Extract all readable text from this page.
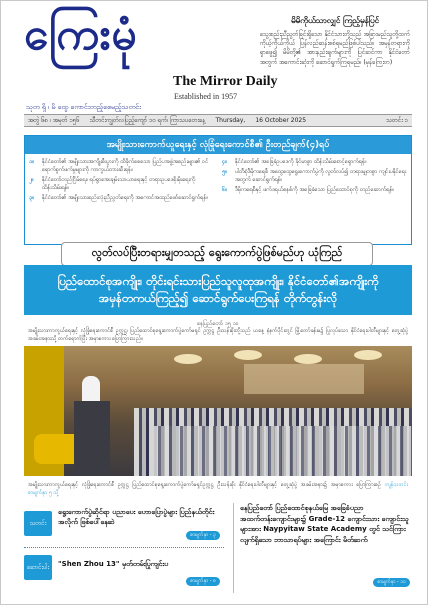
ကြေးမုံ
သုတ ရှိ ၊ မိ ထွေ ကောင်းတည့်စေမည့်သတင်း
The Mirror Daily
Established in 1957
မိမိကိုယ်သာလျှင် ကြည့်မှန်ပြင်
သွေးစည်းညီညွတ်ခြင်းရှိသော နိုင်ငံသားတို့သည် အခြားမည်သူတို့ထက် ကိုယ့်ကိုယ်ကိုယ် ပြန်လည်ဆန်းစစ်ရမည်ဖြစ်ပါသည်။ အမှန်တရားကို ရှာဖွေ၍ မိမိတို့၏ အားနည်းချက်များကို ပြင်ဆင်ကာ နိုင်ငံတော်အတွက် အကောင်းဆုံးကို ဆောင်ရွက်ကြရမည်။ (မှန်ကြေးတ)
အတွဲ ၆၈ ၊ အမှတ် ၁၅၆ သီတင်းကျွတ်လပြည့်ကျော် ၁၀ ရက်၊ ကြာသပတေးနေ့ Thursday, 16 October 2025	သတင်း ၁
အမျိုးသားကောက်ယူရေးနှင့် လုံခြုံရေးကောင်စီ၏ ဦးတည်ချက်(၄)ရပ်
၁။	နိုင်ငံတော်၏ အမျိုးသားအကျိုးစီးပွားကို ထိခိုက်စေသော ပြည်ပအဖွဲ့အစည်းများ၏ ဝင်ရောက်စွက်ဖက်မှုများကို ကာကွယ်တားဆီးရန်။
၂။	နိုင်ငံတော်တည်ငြိမ်ရေး၊ ရပ်ရွာအေးချမ်းသာယာရေးနှင့် တရားဥပဒေစိုးမိုးရေးကို ထိန်းသိမ်းရန်။
၃။	နိုင်ငံတော်၏ အမျိုးသားစည်းလုံးညီညွတ်ရေးကို အကောင်အထည်ဖော်ဆောင်ရွက်ရန်။
၄။	နိုင်ငံတော်၏ အခြေခံဥပဒေကို ခိုင်မာစွာ ထိန်းသိမ်းစောင့်ရှောက်ရန်။
၅။	ပါတီစုံဒီမိုကရေစီ အထွေထွေရွေးကောက်ပွဲကို လွတ်လပ်၍ တရားမျှတစွာ ကျင်းပနိုင်ရေးအတွက် ဆောင်ရွက်ရန်။
၆။	ဒီမိုကရေစီနှင့် ဖက်ဒရယ်စနစ်ကို အခြေခံသော ပြည်ထောင်စုကို တည်ဆောက်ရန်။
လွတ်လပ်ပြီးတရားမျှတသည့် ရွေးကောက်ပွဲဖြစ်မည်ဟု ယုံကြည်
ပြည်ထောင်စုအကျိုး၊ တိုင်းရင်းသားပြည်သူလူထုအကျိုး၊ နိုင်ငံတော်၏အကျိုးကို
အမှန်တကယ်ကြည့်၍ ဆောင်ရွက်ပေးကြရန် တိုက်တွန်းလို
နေပြည်တော် ၁၅ ၁၀
အမျိုးသားကာကွယ်ရေးနှင့် လုံခြုံရေးကောင်စီ ဥက္ကဋ္ဌ၊ ပြည်ထောင်စုရွေးကောက်ပွဲကော်မရှင် ဥက္ကဋ္ဌ ဦးသန်းစိုးတို့သည် ယနေ့ နံနက်ပိုင်းတွင် မြို့တော်ခန်းမ၌ ပြုလုပ်သော နိုင်ငံရေးပါတီများနှင့် တွေ့ဆုံပွဲ အခမ်းအနားသို့ တက်ရောက်ပြီး အမှာစကား ပြောကြားသည်။
အမျိုးသားကာကွယ်ရေးနှင့် လုံခြုံရေးကောင်စီ ဥက္ကဋ္ဌ ပြည်ထောင်စုရွေးကောက်ပွဲကော်မရှင်ဥက္ကဋ္ဌ ဦးသန်းစိုး နိုင်ငံရေးပါတီများနှင့် တွေ့ဆုံပွဲ အခမ်းအနား၌ အမှာစကား ပြောကြားစဉ် ကျန်သတင်း စာမျက်နှာ ၅ သို့
သတင်း
ရွေးကောက်ပွဲဆိုင်ရာ ပညာပေး ဟောပြောပွဲများ ပြည်နယ်တိုင်းအလိုက် ဖြစ်ပေါ်နေဆဲ
စာမျက်နှာ - ၃
ဆောင်းပါး	"Shen Zhou 13" မှတ်တမ်းပြုကျင်းပ
စာမျက်နှာ - ၈
နေပြည်တော် ပြည်ထောင်စုနယ်မြေ အခြေခံပညာ အထက်တန်းကျောင်းများ၌ Grade-12 ကျောင်းသား ကျောင်းသူများအား Naypyitaw State Academy တွင် သင်ကြားလျက်ရှိသော ဘာသာရပ်များ အကြောင်း မိတ်ဆက်
စာမျက်နှာ - ၁၀
